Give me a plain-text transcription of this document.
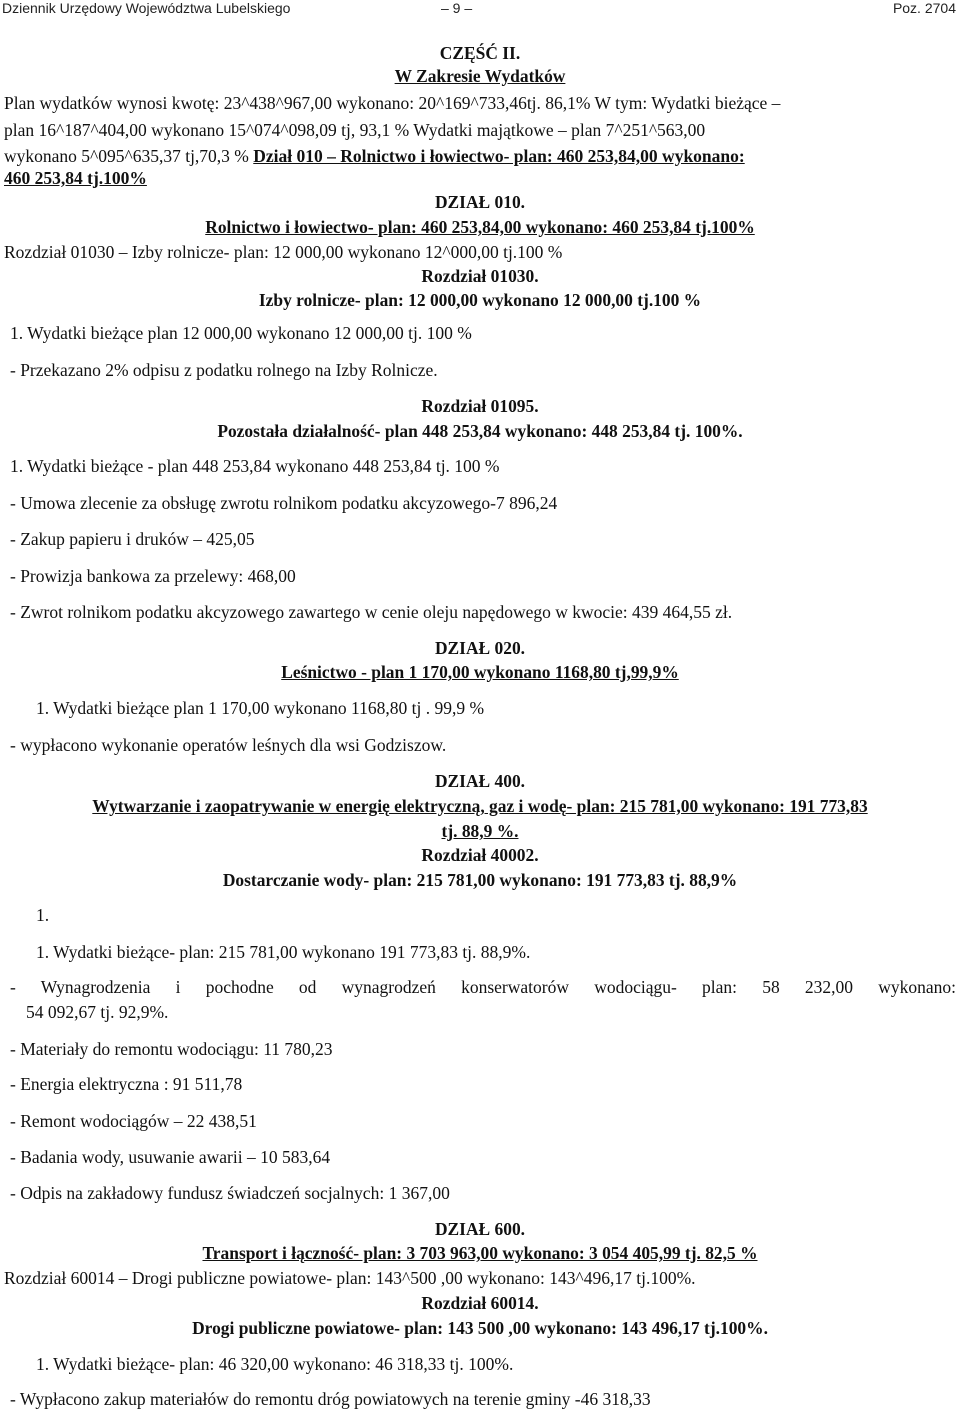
Dziennik Urzędowy Województwa Lubelskiego	– 9 –	Poz. 2704
CZĘŚĆ II.
W Zakresie Wydatków
Plan wydatków wynosi kwotę: 23^438^967,00 wykonano: 20^169^733,46tj. 86,1% W tym: Wydatki bieżące –
plan 16^187^404,00 wykonano 15^074^098,09 tj, 93,1 % Wydatki majątkowe – plan 7^251^563,00
wykonano 5^095^635,37 tj,70,3 % Dział 010 – Rolnictwo i łowiectwo- plan: 460 253,84,00 wykonano:
460 253,84 tj.100%
DZIAŁ 010.
Rolnictwo i łowiectwo- plan: 460 253,84,00 wykonano: 460 253,84 tj.100%
Rozdział 01030 – Izby rolnicze- plan: 12 000,00 wykonano 12^000,00 tj.100 %
Rozdział 01030.
Izby rolnicze- plan: 12 000,00 wykonano 12 000,00 tj.100 %
1. Wydatki bieżące plan 12 000,00 wykonano 12 000,00 tj. 100 %
- Przekazano 2% odpisu z podatku rolnego na Izby Rolnicze.
Rozdział 01095.
Pozostała działalność- plan 448 253,84 wykonano: 448 253,84 tj. 100%.
1. Wydatki bieżące - plan 448 253,84 wykonano 448 253,84 tj. 100 %
- Umowa zlecenie za obsługę zwrotu rolnikom podatku akcyzowego-7 896,24
- Zakup papieru i druków – 425,05
- Prowizja bankowa za przelewy: 468,00
- Zwrot rolnikom podatku akcyzowego zawartego w cenie oleju napędowego w kwocie: 439 464,55 zł.
DZIAŁ 020.
Leśnictwo - plan 1 170,00 wykonano 1168,80 tj,99,9%
1. Wydatki bieżące plan 1 170,00 wykonano 1168,80 tj . 99,9 %
- wypłacono wykonanie operatów leśnych dla wsi Godziszow.
DZIAŁ 400.
Wytwarzanie i zaopatrywanie w energię elektryczną, gaz i wodę- plan: 215 781,00 wykonano: 191 773,83
tj. 88,9 %.
Rozdział 40002.
Dostarczanie wody- plan: 215 781,00 wykonano: 191 773,83 tj. 88,9%
1.
1. Wydatki bieżące- plan: 215 781,00 wykonano 191 773,83 tj. 88,9%.
- Wynagrodzenia i pochodne od wynagrodzeń konserwatorów wodociągu- plan: 58 232,00 wykonano:
54 092,67 tj. 92,9%.
- Materiały do remontu wodociągu: 11 780,23
- Energia elektryczna : 91 511,78
- Remont wodociągów – 22 438,51
- Badania wody, usuwanie awarii – 10 583,64
- Odpis na zakładowy fundusz świadczeń socjalnych: 1 367,00
DZIAŁ 600.
Transport i łączność- plan: 3 703 963,00 wykonano: 3 054 405,99 tj. 82,5 %
Rozdział 60014 – Drogi publiczne powiatowe- plan: 143^500 ,00 wykonano: 143^496,17 tj.100%.
Rozdział 60014.
Drogi publiczne powiatowe- plan: 143 500 ,00 wykonano: 143 496,17 tj.100%.
1. Wydatki bieżące- plan: 46 320,00 wykonano: 46 318,33 tj. 100%.
- Wypłacono zakup materiałów do remontu dróg powiatowych na terenie gminy -46 318,33
